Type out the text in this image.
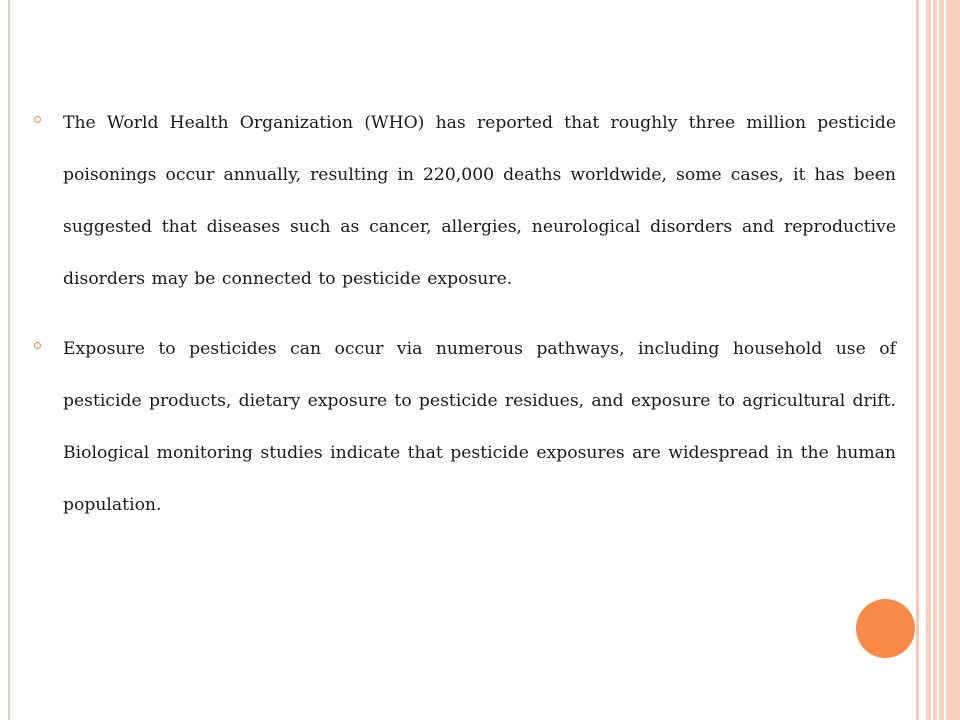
The World Health Organization (WHO) has reported that roughly three million pesticide poisonings occur annually, resulting in 220,000 deaths worldwide, some cases, it has been suggested that diseases such as cancer, allergies, neurological disorders and reproductive disorders may be connected to pesticide exposure.
Exposure to pesticides can occur via numerous pathways, including household use of pesticide products, dietary exposure to pesticide residues, and exposure to agricultural drift. Biological monitoring studies indicate that pesticide exposures are widespread in the human population.
